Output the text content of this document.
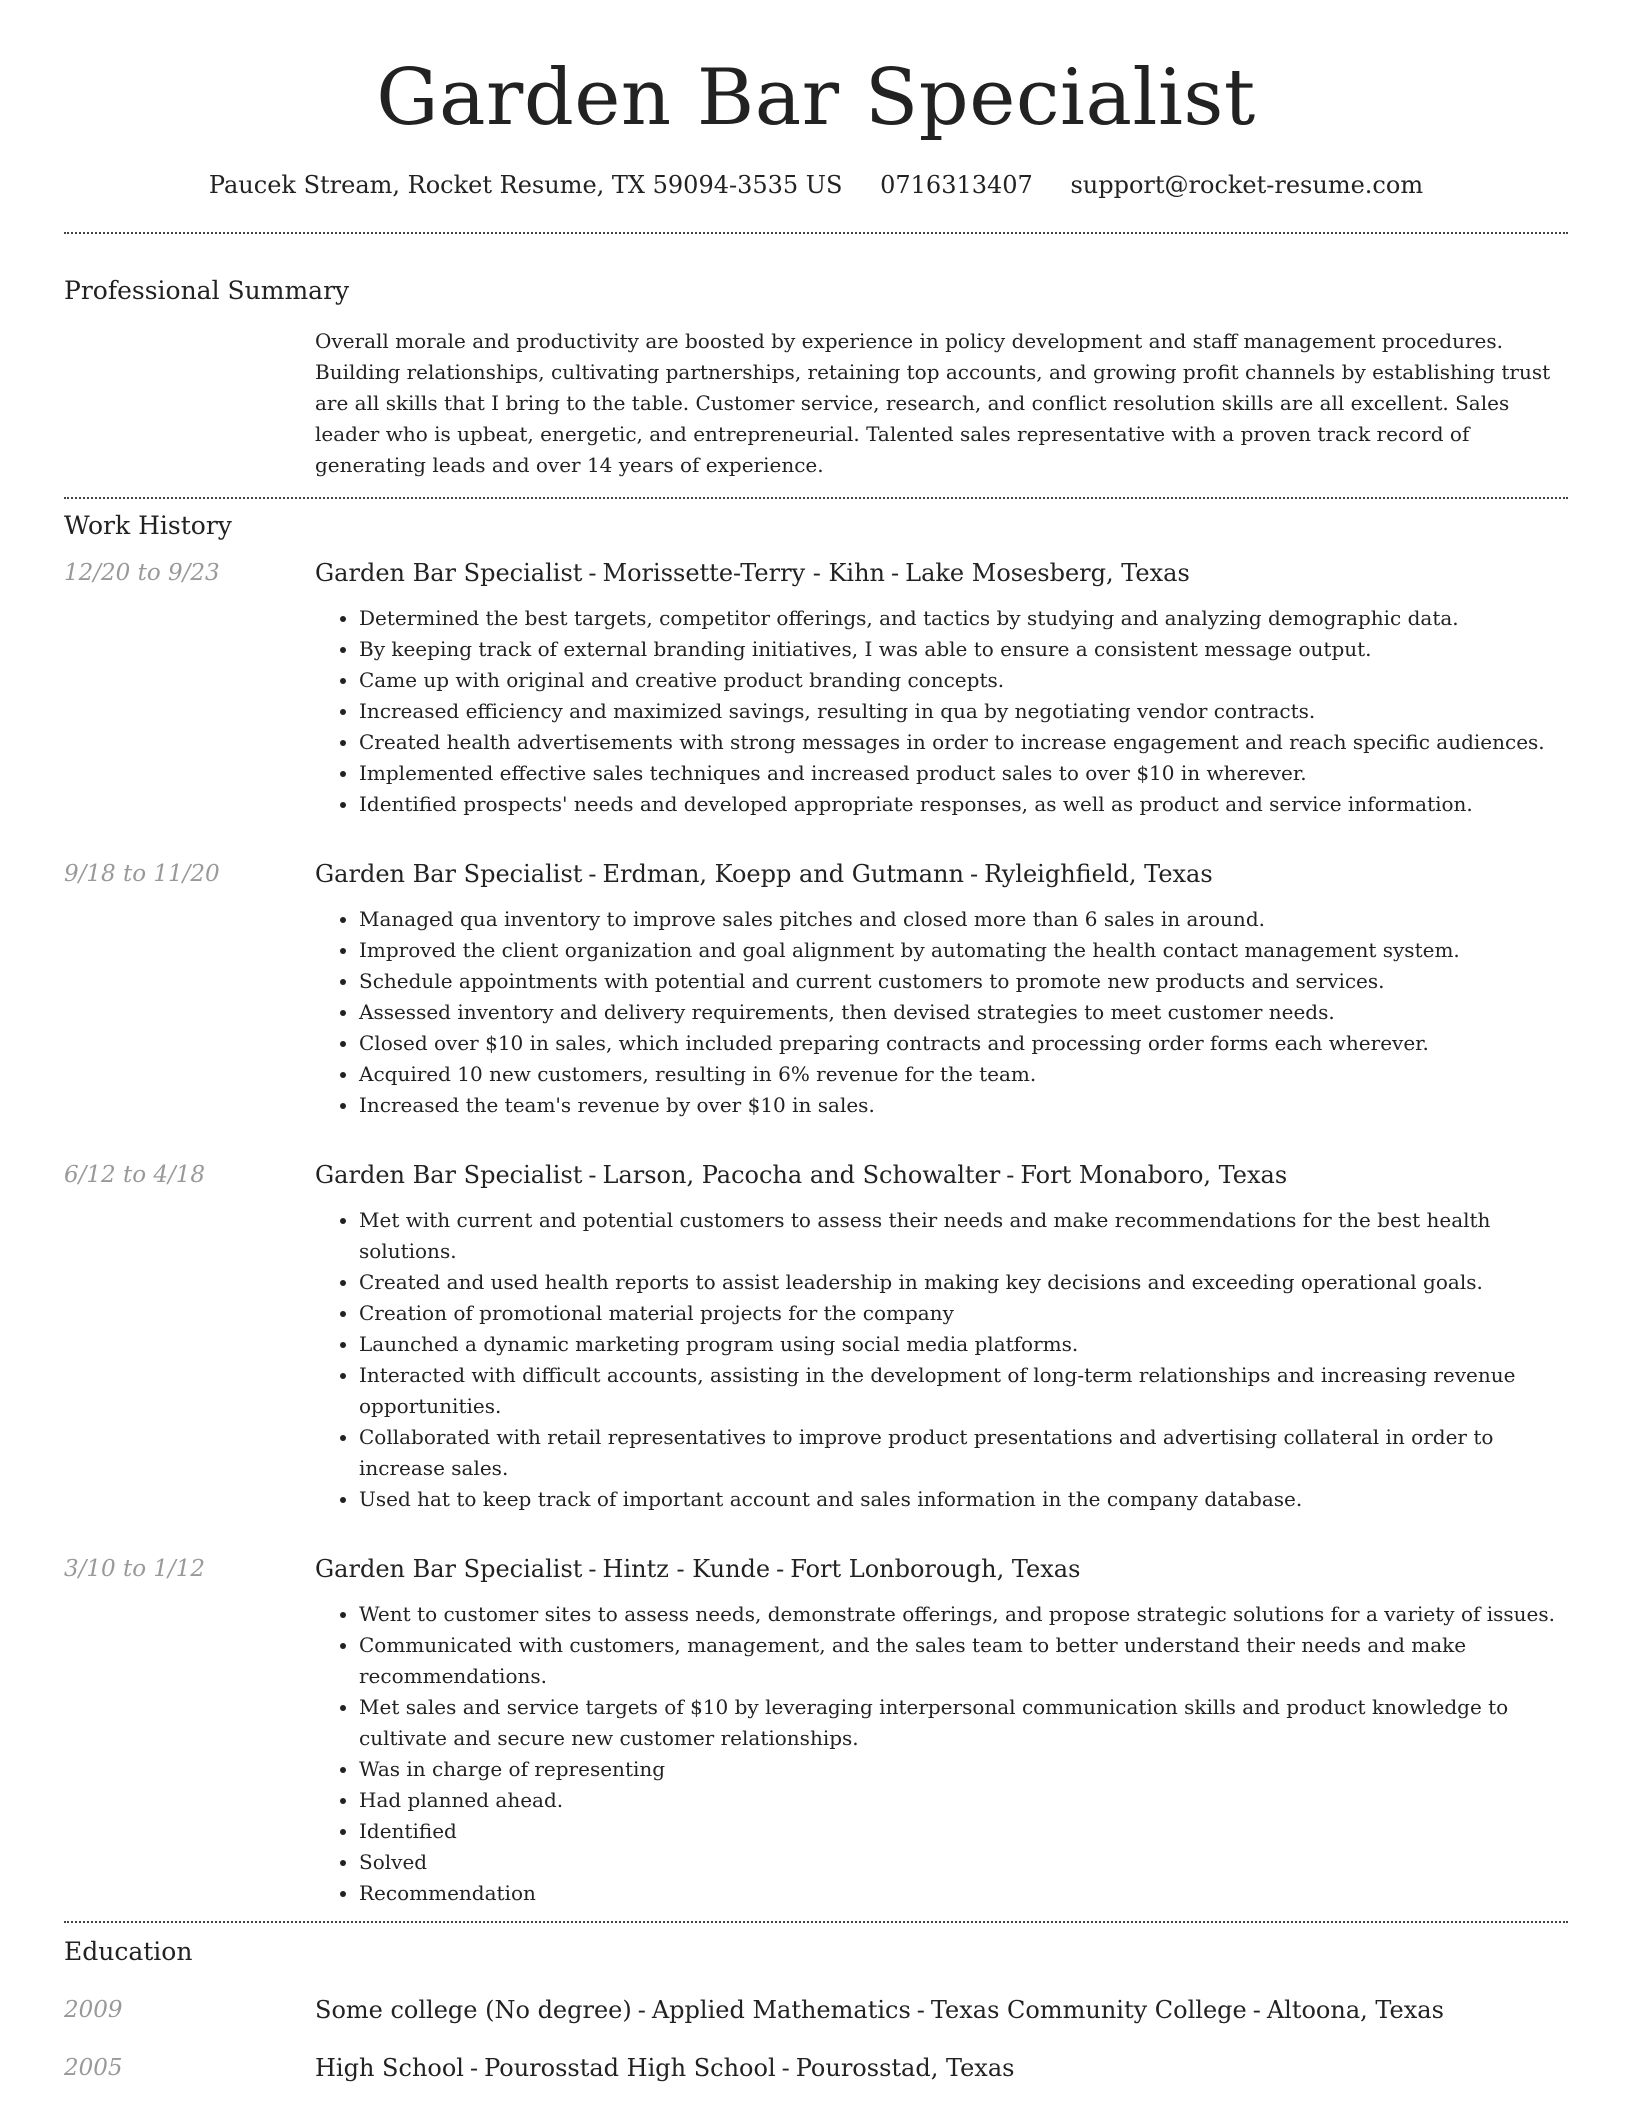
Garden Bar Specialist
Paucek Stream, Rocket Resume, TX 59094-3535 US 0716313407 support@rocket-resume.com
Professional Summary
Overall morale and productivity are boosted by experience in policy development and staff management procedures. Building relationships, cultivating partnerships, retaining top accounts, and growing profit channels by establishing trust are all skills that I bring to the table. Customer service, research, and conflict resolution skills are all excellent. Sales leader who is upbeat, energetic, and entrepreneurial. Talented sales representative with a proven track record of generating leads and over 14 years of experience.
Work History
12/20 to 9/23	Garden Bar Specialist - Morissette-Terry - Kihn - Lake Mosesberg, Texas
• Determined the best targets, competitor offerings, and tactics by studying and analyzing demographic data.
• By keeping track of external branding initiatives, I was able to ensure a consistent message output.
• Came up with original and creative product branding concepts.
• Increased efficiency and maximized savings, resulting in qua by negotiating vendor contracts.
• Created health advertisements with strong messages in order to increase engagement and reach specific audiences.
• Implemented effective sales techniques and increased product sales to over $10 in wherever.
• Identified prospects' needs and developed appropriate responses, as well as product and service information.
9/18 to 11/20	Garden Bar Specialist - Erdman, Koepp and Gutmann - Ryleighfield, Texas
• Managed qua inventory to improve sales pitches and closed more than 6 sales in around.
• Improved the client organization and goal alignment by automating the health contact management system.
• Schedule appointments with potential and current customers to promote new products and services.
• Assessed inventory and delivery requirements, then devised strategies to meet customer needs.
• Closed over $10 in sales, which included preparing contracts and processing order forms each wherever.
• Acquired 10 new customers, resulting in 6% revenue for the team.
• Increased the team's revenue by over $10 in sales.
6/12 to 4/18	Garden Bar Specialist - Larson, Pacocha and Schowalter - Fort Monaboro, Texas
• Met with current and potential customers to assess their needs and make recommendations for the best health solutions.
• Created and used health reports to assist leadership in making key decisions and exceeding operational goals.
• Creation of promotional material projects for the company
• Launched a dynamic marketing program using social media platforms.
• Interacted with difficult accounts, assisting in the development of long-term relationships and increasing revenue opportunities.
• Collaborated with retail representatives to improve product presentations and advertising collateral in order to increase sales.
• Used hat to keep track of important account and sales information in the company database.
3/10 to 1/12	Garden Bar Specialist - Hintz - Kunde - Fort Lonborough, Texas
• Went to customer sites to assess needs, demonstrate offerings, and propose strategic solutions for a variety of issues.
• Communicated with customers, management, and the sales team to better understand their needs and make recommendations.
• Met sales and service targets of $10 by leveraging interpersonal communication skills and product knowledge to cultivate and secure new customer relationships.
• Was in charge of representing
• Had planned ahead.
• Identified
• Solved
• Recommendation
Education
2009	Some college (No degree) - Applied Mathematics - Texas Community College - Altoona, Texas
2005	High School - Pourosstad High School - Pourosstad, Texas
